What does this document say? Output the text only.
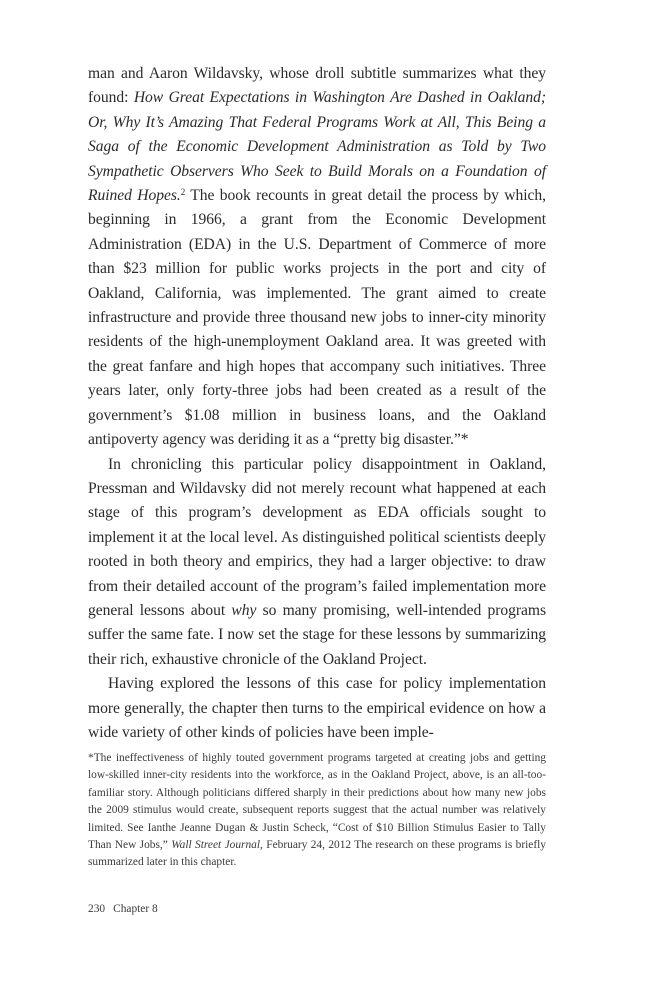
man and Aaron Wildavsky, whose droll subtitle summarizes what they found: How Great Expectations in Washington Are Dashed in Oakland; Or, Why It’s Amazing That Federal Programs Work at All, This Being a Saga of the Economic Development Administration as Told by Two Sympathetic Observers Who Seek to Build Morals on a Foundation of Ruined Hopes.$^2$ The book recounts in great detail the process by which, beginning in 1966, a grant from the Economic Development Administration (EDA) in the U.S. Department of Commerce of more than $23 million for public works projects in the port and city of Oakland, California, was implemented. The grant aimed to create infrastructure and provide three thousand new jobs to inner-city minority residents of the high-unemployment Oakland area. It was greeted with the great fanfare and high hopes that accompany such initiatives. Three years later, only forty-three jobs had been created as a result of the government’s $1.08 million in business loans, and the Oakland antipoverty agency was deriding it as a “pretty big disaster.”*

In chronicling this particular policy disappointment in Oakland, Pressman and Wildavsky did not merely recount what happened at each stage of this program’s development as EDA officials sought to implement it at the local level. As distinguished political scientists deeply rooted in both theory and empirics, they had a larger objective: to draw from their detailed account of the program’s failed implementation more general lessons about why so many promising, well-intended programs suffer the same fate. I now set the stage for these lessons by summarizing their rich, exhaustive chronicle of the Oakland Project.

Having explored the lessons of this case for policy implementation more generally, the chapter then turns to the empirical evidence on how a wide variety of other kinds of policies have been imple-

*The ineffectiveness of highly touted government programs targeted at creating jobs and getting low-skilled inner-city residents into the workforce, as in the Oakland Project, above, is an all-too-familiar story. Although politicians differed sharply in their predictions about how many new jobs the 2009 stimulus would create, subsequent reports suggest that the actual number was relatively limited. See Ianthe Jeanne Dugan & Justin Scheck, “Cost of $10 Billion Stimulus Easier to Tally Than New Jobs,” Wall Street Journal, February 24, 2012 The research on these programs is briefly summarized later in this chapter.

230 Chapter 8
